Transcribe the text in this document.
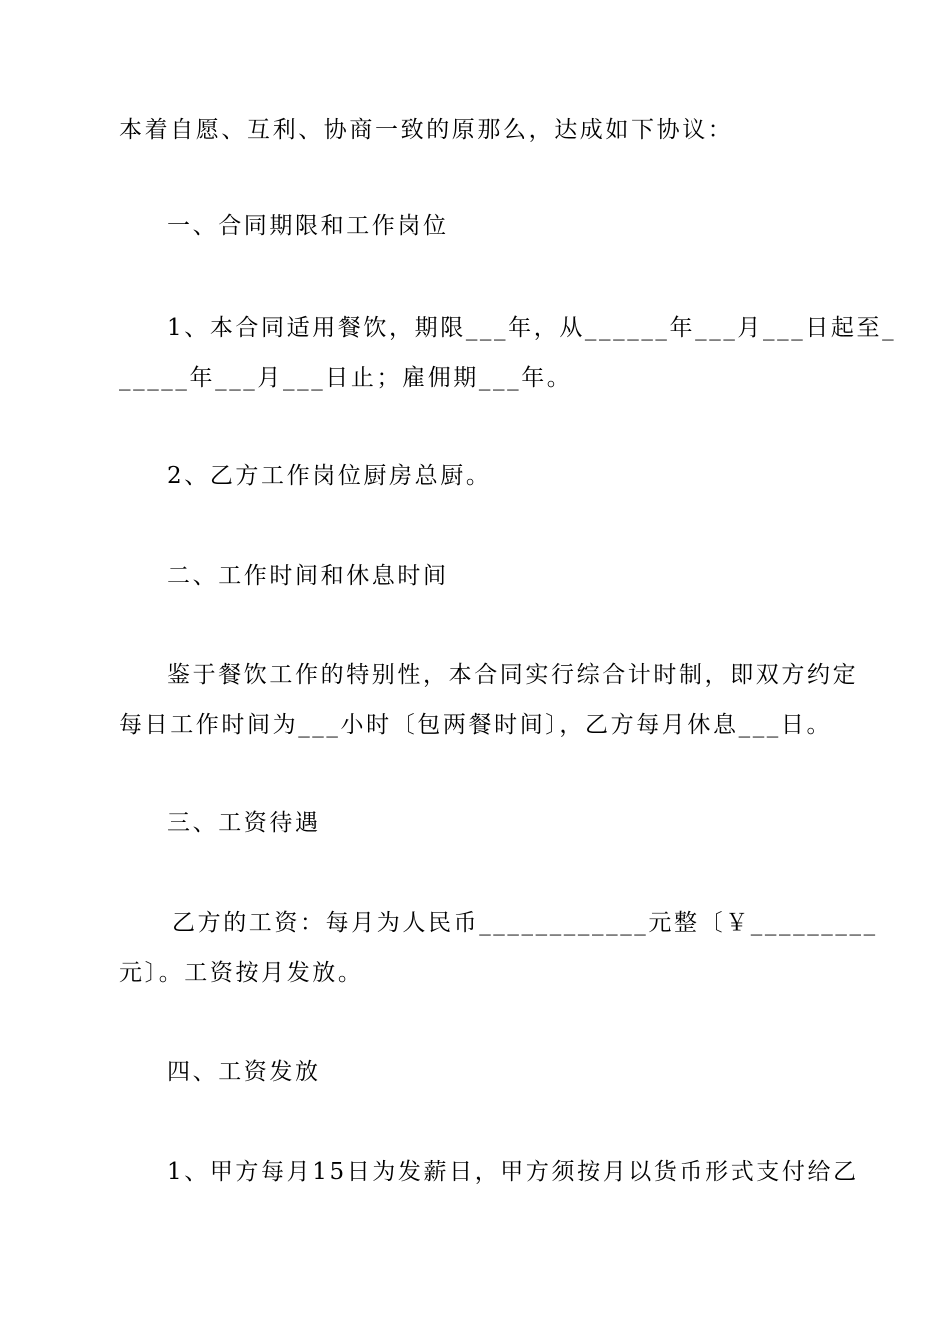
本着自愿、互利、协商一致的原那么，达成如下协议：
一、合同期限和工作岗位
1、本合同适用餐饮，期限___年，从______年___月___日起至_
_____年___月___日止；雇佣期___年。
2、乙方工作岗位厨房总厨。
二、工作时间和休息时间
鉴于餐饮工作的特别性，本合同实行综合计时制，即双方约定
每日工作时间为___小时〔包两餐时间〕，乙方每月休息___日。
三、工资待遇
乙方的工资：每月为人民币____________元整〔￥_________
元〕。工资按月发放。
四、工资发放
1、甲方每月15日为发薪日，甲方须按月以货币形式支付给乙
